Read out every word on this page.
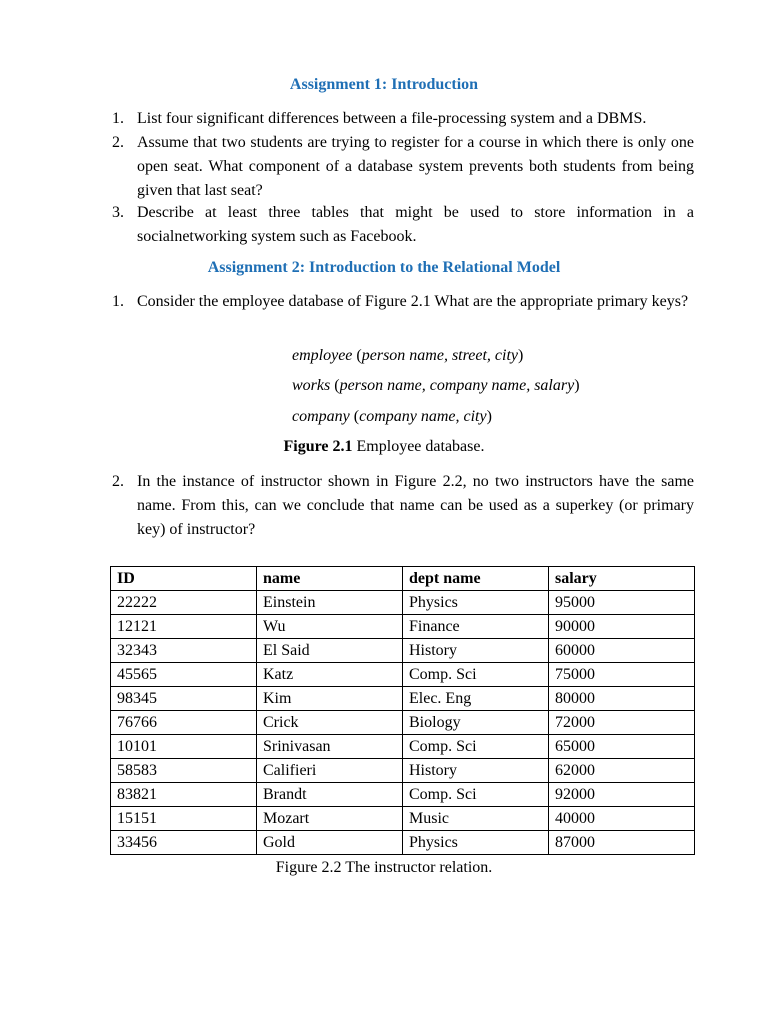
Assignment 1: Introduction
1. List four significant differences between a file-processing system and a DBMS.
2. Assume that two students are trying to register for a course in which there is only one open seat. What component of a database system prevents both students from being given that last seat?
3. Describe at least three tables that might be used to store information in a socialnetworking system such as Facebook.
Assignment 2: Introduction to the Relational Model
1. Consider the employee database of Figure 2.1 What are the appropriate primary keys?
employee (person name, street, city)
works (person name, company name, salary)
company (company name, city)
Figure 2.1 Employee database.
2. In the instance of instructor shown in Figure 2.2, no two instructors have the same name. From this, can we conclude that name can be used as a superkey (or primary key) of instructor?
ID	name	dept name	salary
22222	Einstein	Physics	95000
12121	Wu	Finance	90000
32343	El Said	History	60000
45565	Katz	Comp. Sci	75000
98345	Kim	Elec. Eng	80000
76766	Crick	Biology	72000
10101	Srinivasan	Comp. Sci	65000
58583	Califieri	History	62000
83821	Brandt	Comp. Sci	92000
15151	Mozart	Music	40000
33456	Gold	Physics	87000
Figure 2.2 The instructor relation.
